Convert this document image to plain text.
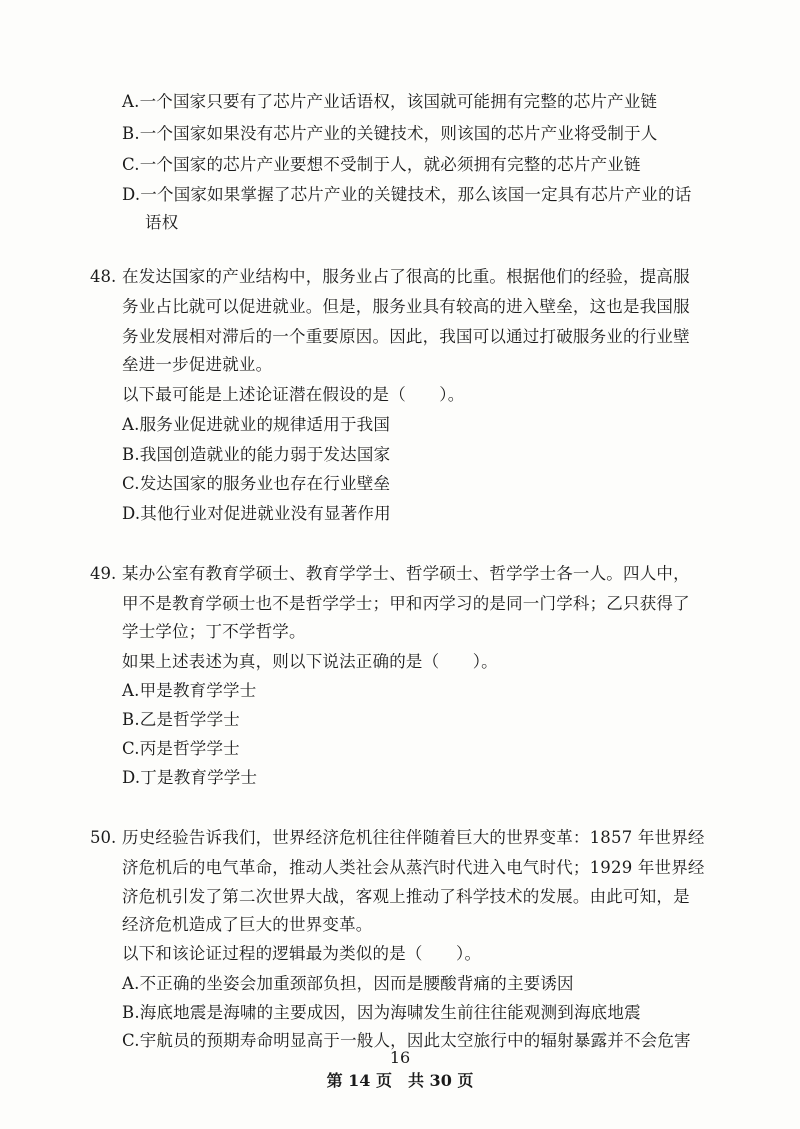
A.一个国家只要有了芯片产业话语权，该国就可能拥有完整的芯片产业链
B.一个国家如果没有芯片产业的关键技术，则该国的芯片产业将受制于人
C.一个国家的芯片产业要想不受制于人，就必须拥有完整的芯片产业链
D.一个国家如果掌握了芯片产业的关键技术，那么该国一定具有芯片产业的话
语权
48. 在发达国家的产业结构中，服务业占了很高的比重。根据他们的经验，提高服
务业占比就可以促进就业。但是，服务业具有较高的进入壁垒，这也是我国服
务业发展相对滞后的一个重要原因。因此，我国可以通过打破服务业的行业壁
垒进一步促进就业。
以下最可能是上述论证潜在假设的是（　　）。
A.服务业促进就业的规律适用于我国
B.我国创造就业的能力弱于发达国家
C.发达国家的服务业也存在行业壁垒
D.其他行业对促进就业没有显著作用
49. 某办公室有教育学硕士、教育学学士、哲学硕士、哲学学士各一人。四人中，
甲不是教育学硕士也不是哲学学士；甲和丙学习的是同一门学科；乙只获得了
学士学位；丁不学哲学。
如果上述表述为真，则以下说法正确的是（　　）。
A.甲是教育学学士
B.乙是哲学学士
C.丙是哲学学士
D.丁是教育学学士
50. 历史经验告诉我们，世界经济危机往往伴随着巨大的世界变革：1857 年世界经
济危机后的电气革命，推动人类社会从蒸汽时代进入电气时代；1929 年世界经
济危机引发了第二次世界大战，客观上推动了科学技术的发展。由此可知，是
经济危机造成了巨大的世界变革。
以下和该论证过程的逻辑最为类似的是（　　）。
A.不正确的坐姿会加重颈部负担，因而是腰酸背痛的主要诱因
B.海底地震是海啸的主要成因，因为海啸发生前往往能观测到海底地震
C.宇航员的预期寿命明显高于一般人，因此太空旅行中的辐射暴露并不会危害
16
第 14 页　共 30 页
